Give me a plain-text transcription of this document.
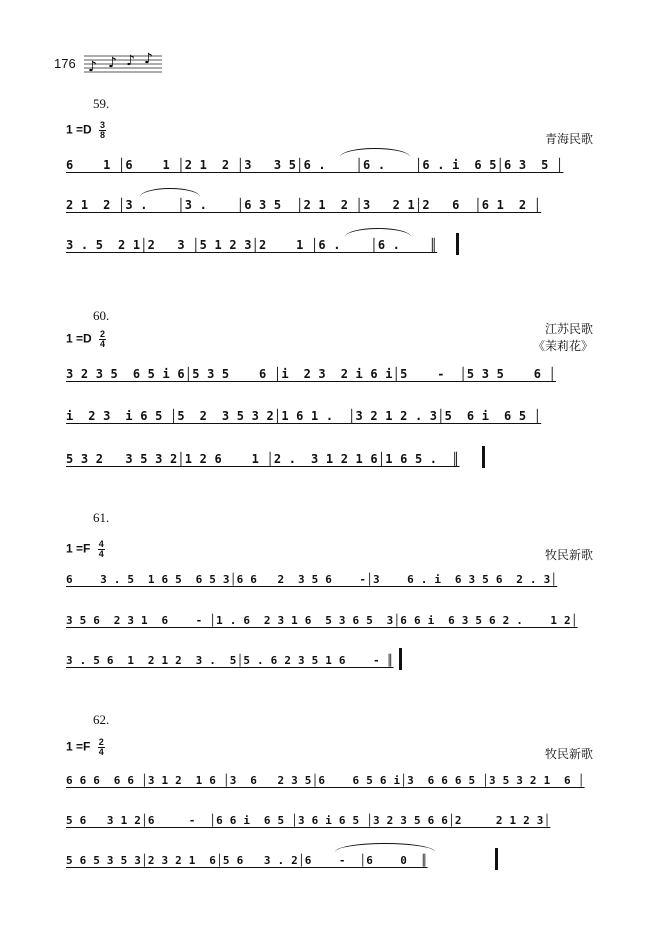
176 ♪ ♪ ♪ ♪
59.
$1 =D \frac{3}{8}$	青海民歌
6    1 │6    1 │2 1  2 │3   3 5│6 .    │6 .    │6 . i  6 5│6 3  5 │
2 1  2 │3 .    │3 .    │6 3 5  │2 1  2 │3   2 1│2   6  │6 1  2 │
3 . 5  2 1│2   3 │5 1 2 3│2    1 │6 .    │6 .    ║
60.
$1 =D \frac{2}{4}$
江苏民歌
《茉莉花》
3 2 3 5  6 5 i 6│5 3 5    6 │i  2 3  2 i 6 i│5    -  │5 3 5    6 │
i  2 3  i 6 5 │5  2  3 5 3 2│1 6 1 .  │3 2 1 2 . 3│5  6 i  6 5 │
5 3 2   3 5 3 2│1 2 6    1 │2 .  3 1 2 1 6│1 6 5 .  ║
61.
$1 =F \frac{4}{4}$	牧民新歌
6    3 . 5  1 6 5  6 5 3│6 6   2  3 5 6    -│3    6 . i  6 3 5 6  2 . 3│
3 5 6  2 3 1  6    - │1 . 6  2 3 1 6  5 3 6 5  3│6 6 i  6 3 5 6 2 .    1 2│
3 . 5 6  1  2 1 2  3 .  5│5 . 6 2 3 5 1 6    - ║
62.
$1 =F \frac{2}{4}$	牧民新歌
6 6 6  6 6 │3 1 2  1 6 │3  6   2 3 5│6    6 5 6 i│3  6 6 6 5 │3 5 3 2 1  6 │
5 6   3 1 2│6     -  │6 6 i  6 5 │3 6 i 6 5 │3 2 3 5 6 6│2     2 1 2 3│
5 6 5 3 5 3│2 3 2 1  6│5 6   3 . 2│6    -  │6    0  ║
